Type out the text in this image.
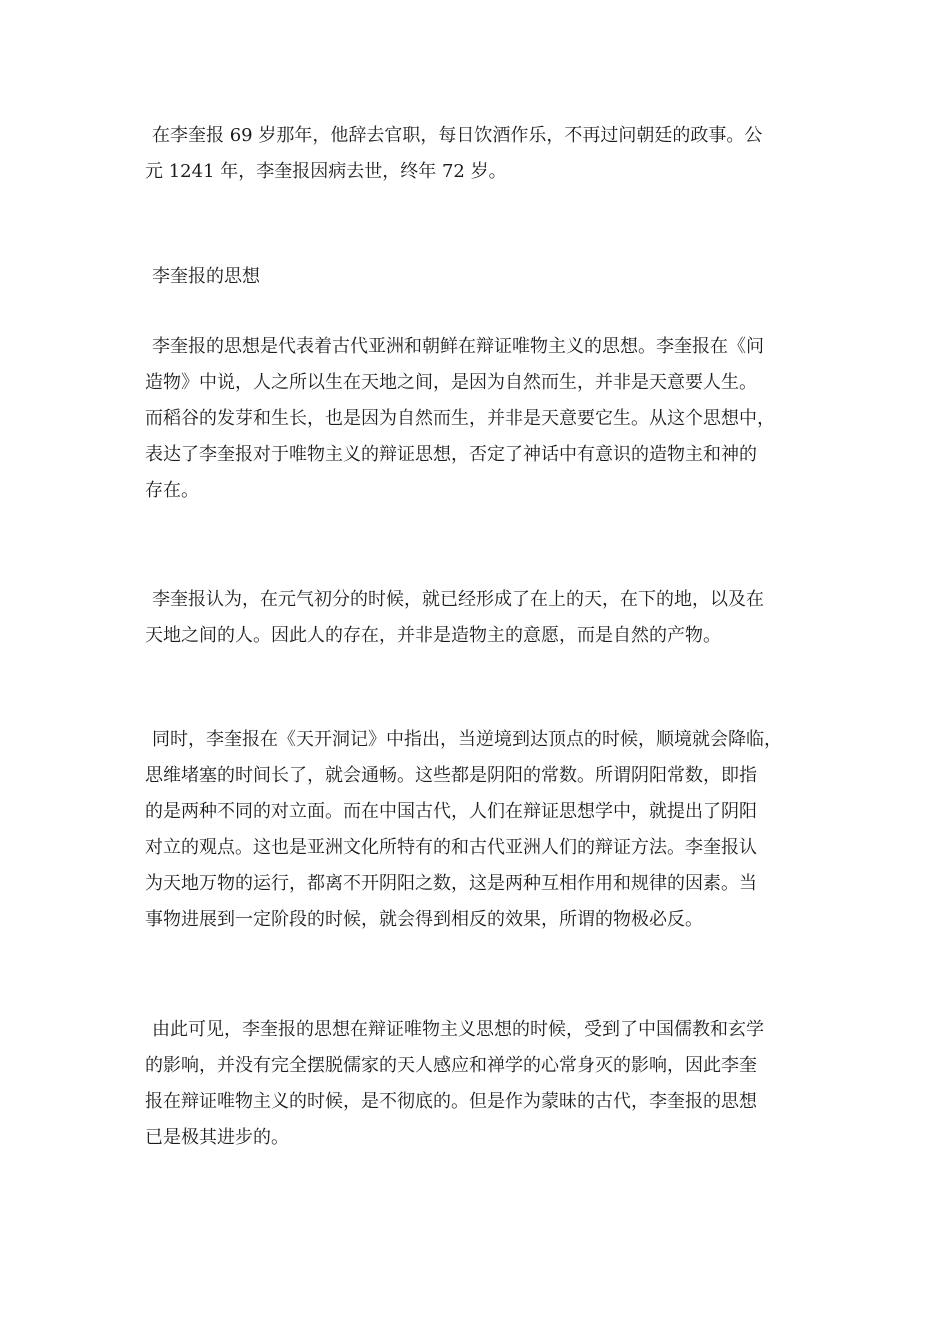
在李奎报 69 岁那年，他辞去官职，每日饮酒作乐，不再过问朝廷的政事。公
元 1241 年，李奎报因病去世，终年 72 岁。
李奎报的思想
李奎报的思想是代表着古代亚洲和朝鲜在辩证唯物主义的思想。李奎报在《问
造物》中说，人之所以生在天地之间，是因为自然而生，并非是天意要人生。
而稻谷的发芽和生长，也是因为自然而生，并非是天意要它生。从这个思想中，
表达了李奎报对于唯物主义的辩证思想，否定了神话中有意识的造物主和神的
存在。
李奎报认为，在元气初分的时候，就已经形成了在上的天，在下的地，以及在
天地之间的人。因此人的存在，并非是造物主的意愿，而是自然的产物。
同时，李奎报在《天开洞记》中指出，当逆境到达顶点的时候，顺境就会降临，
思维堵塞的时间长了，就会通畅。这些都是阴阳的常数。所谓阴阳常数，即指
的是两种不同的对立面。而在中国古代，人们在辩证思想学中，就提出了阴阳
对立的观点。这也是亚洲文化所特有的和古代亚洲人们的辩证方法。李奎报认
为天地万物的运行，都离不开阴阳之数，这是两种互相作用和规律的因素。当
事物进展到一定阶段的时候，就会得到相反的效果，所谓的物极必反。
由此可见，李奎报的思想在辩证唯物主义思想的时候，受到了中国儒教和玄学
的影响，并没有完全摆脱儒家的天人感应和禅学的心常身灭的影响，因此李奎
报在辩证唯物主义的时候，是不彻底的。但是作为蒙昧的古代，李奎报的思想
已是极其进步的。
